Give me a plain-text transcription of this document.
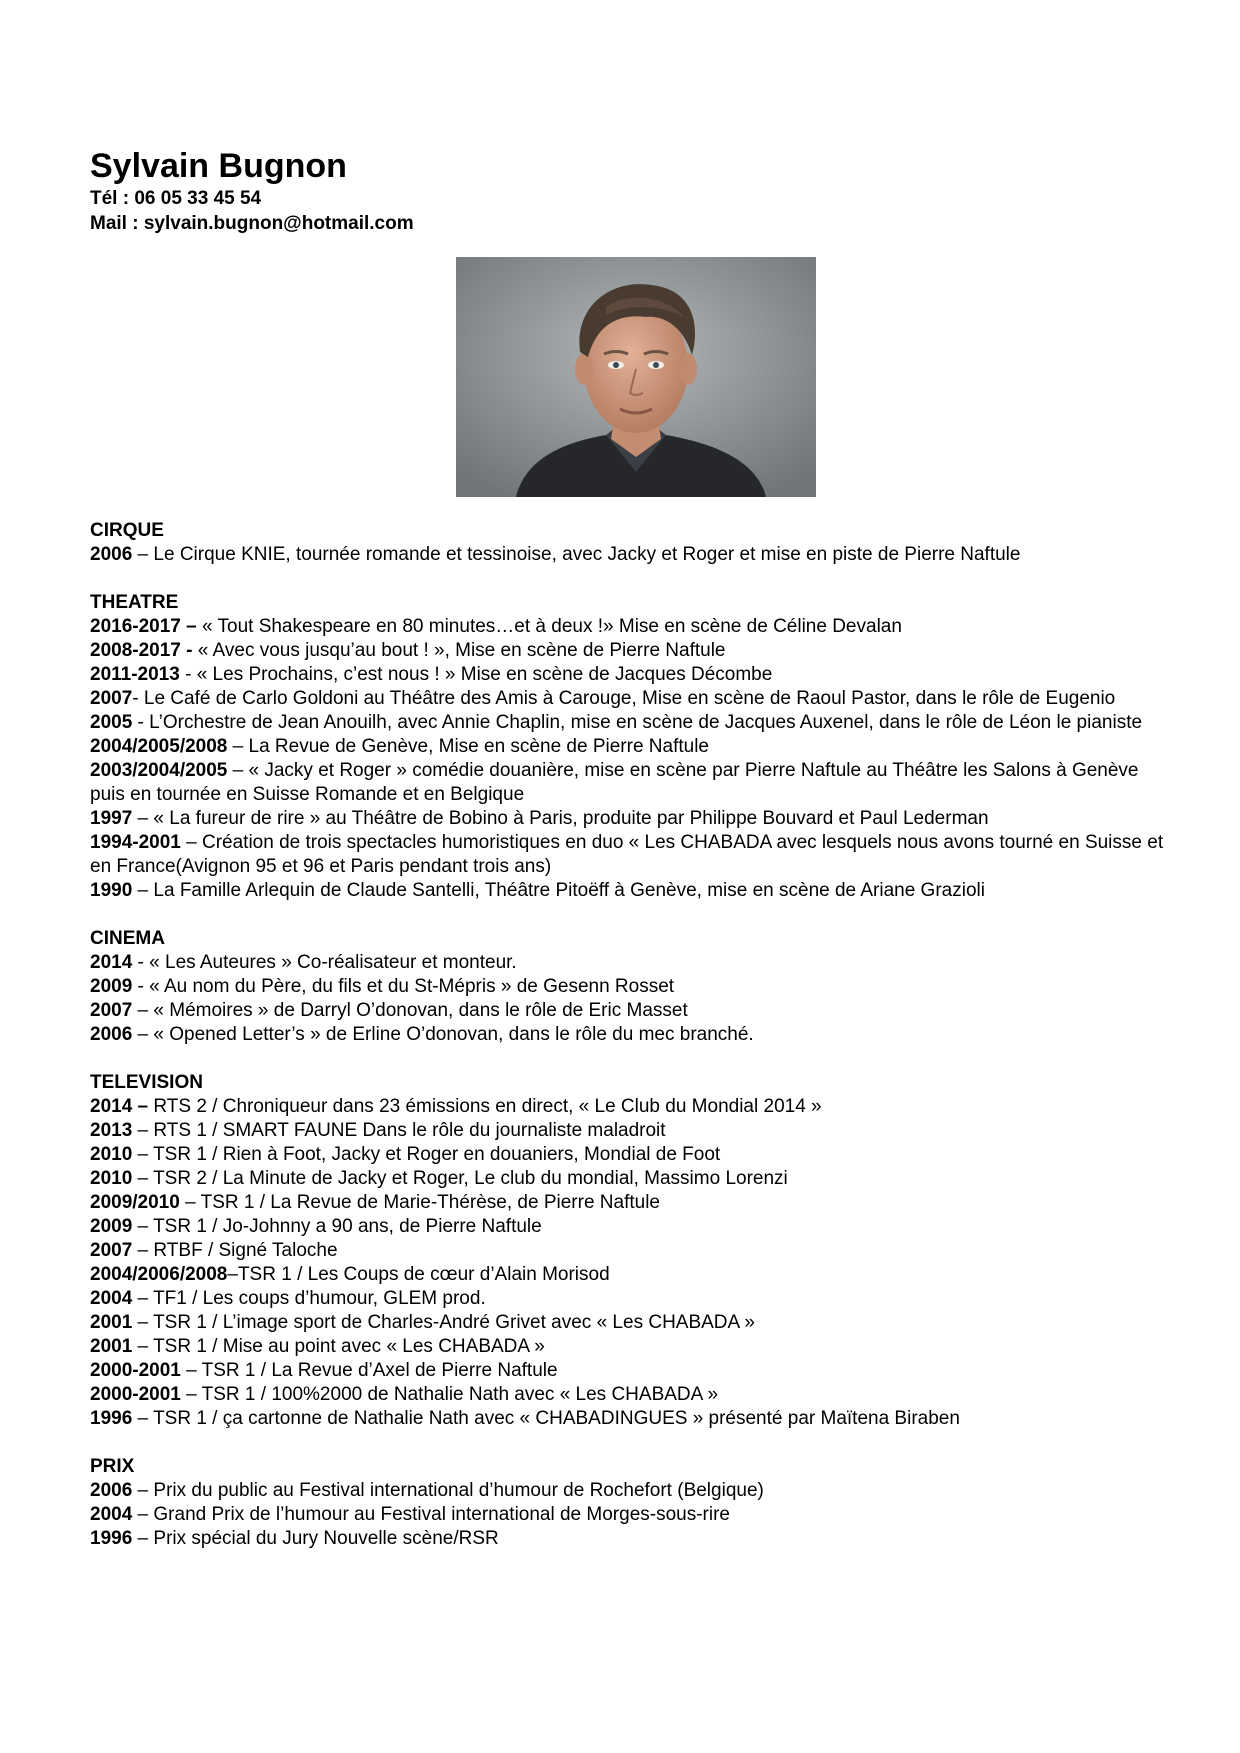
Sylvain Bugnon

Tél : 06 05 33 45 54

Mail : sylvain.bugnon@hotmail.com

CIRQUE

2006 – Le Cirque KNIE, tournée romande et tessinoise, avec Jacky et Roger et mise en piste de Pierre Naftule

THEATRE

2016-2017 – « Tout Shakespeare en 80 minutes…et à deux !» Mise en scène de Céline Devalan

2008-2017 - « Avec vous jusqu’au bout ! », Mise en scène de Pierre Naftule

2011-2013 - « Les Prochains, c’est nous ! » Mise en scène de Jacques Décombe

2007- Le Café de Carlo Goldoni au Théâtre des Amis à Carouge, Mise en scène de Raoul Pastor, dans le rôle de Eugenio

2005 - L’Orchestre de Jean Anouilh, avec Annie Chaplin, mise en scène de Jacques Auxenel, dans le rôle de Léon le pianiste

2004/2005/2008 – La Revue de Genève, Mise en scène de Pierre Naftule

2003/2004/2005 – « Jacky et Roger » comédie douanière, mise en scène par Pierre Naftule au Théâtre les Salons à Genève puis en tournée en Suisse Romande et en Belgique

1997 – « La fureur de rire » au Théâtre de Bobino à Paris, produite par Philippe Bouvard et Paul Lederman

1994-2001 – Création de trois spectacles humoristiques en duo « Les CHABADA avec lesquels nous avons tourné en Suisse et en France(Avignon 95 et 96 et Paris pendant trois ans)

1990 – La Famille Arlequin de Claude Santelli, Théâtre Pitoëff à Genève, mise en scène de Ariane Grazioli

CINEMA

2014 - « Les Auteures » Co-réalisateur et monteur.

2009 - « Au nom du Père, du fils et du St-Mépris » de Gesenn Rosset

2007 – « Mémoires » de Darryl O’donovan, dans le rôle de Eric Masset

2006 – « Opened Letter’s » de Erline O’donovan, dans le rôle du mec branché.

TELEVISION

2014 – RTS 2 / Chroniqueur dans 23 émissions en direct, « Le Club du Mondial 2014 »

2013 – RTS 1 / SMART FAUNE Dans le rôle du journaliste maladroit

2010 – TSR 1 / Rien à Foot, Jacky et Roger en douaniers, Mondial de Foot

2010 – TSR 2 / La Minute de Jacky et Roger, Le club du mondial, Massimo Lorenzi

2009/2010 – TSR 1 / La Revue de Marie-Thérèse, de Pierre Naftule

2009 – TSR 1 / Jo-Johnny a 90 ans, de Pierre Naftule

2007 – RTBF / Signé Taloche

2004/2006/2008–TSR 1 / Les Coups de cœur d’Alain Morisod

2004 – TF1 / Les coups d’humour, GLEM prod.

2001 – TSR 1 / L’image sport de Charles-André Grivet avec « Les CHABADA »

2001 – TSR 1 / Mise au point avec « Les CHABADA »

2000-2001 – TSR 1 / La Revue d’Axel de Pierre Naftule

2000-2001 – TSR 1 / 100%2000 de Nathalie Nath avec « Les CHABADA »

1996 – TSR 1 / ça cartonne de Nathalie Nath avec « CHABADINGUES » présenté par Maïtena Biraben

PRIX

2006 – Prix du public au Festival international d’humour de Rochefort (Belgique)

2004 – Grand Prix de l’humour au Festival international de Morges-sous-rire

1996 – Prix spécial du Jury Nouvelle scène/RSR
